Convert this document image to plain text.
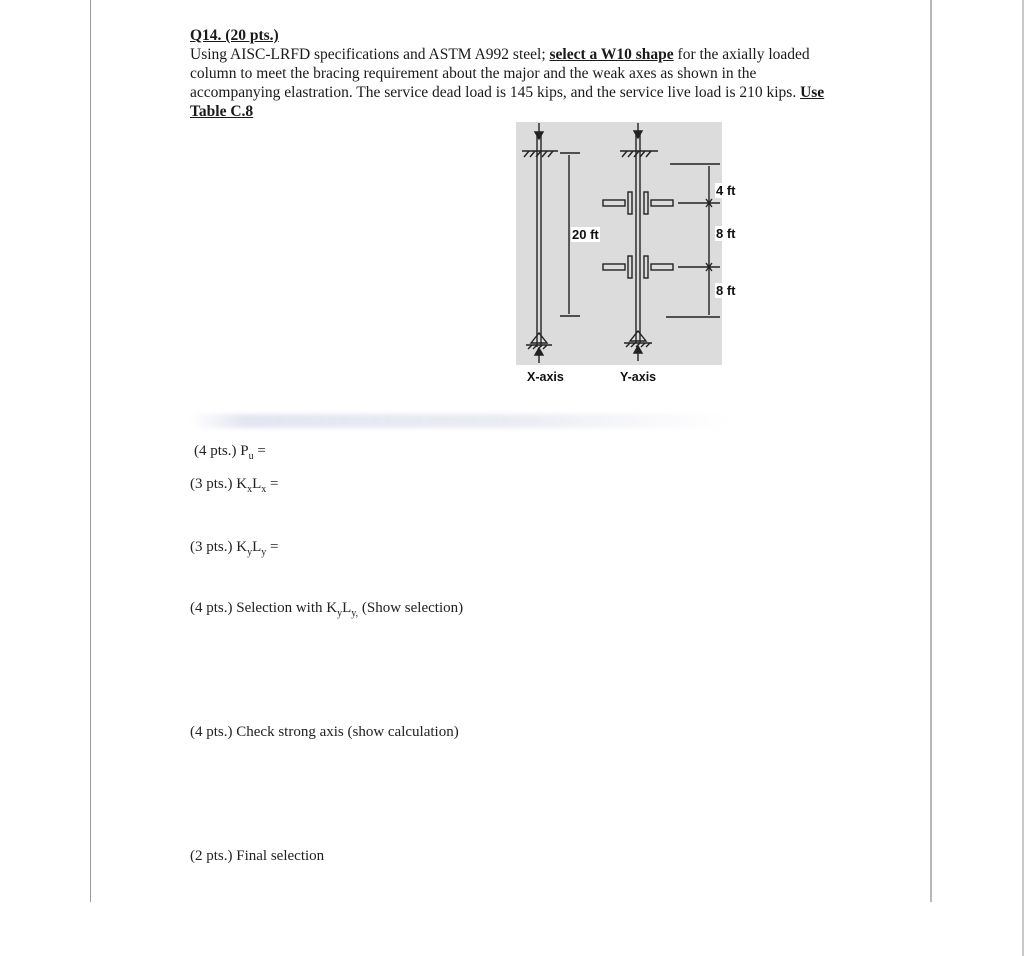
Q14. (20 pts.)
Using AISC-LRFD specifications and ASTM A992 steel; select a W10 shape for the axially loaded column to meet the bracing requirement about the major and the weak axes as shown in the accompanying elastration. The service dead load is 145 kips, and the service live load is 210 kips. Use Table C.8
20 ft
4 ft
8 ft
8 ft
X-axis	Y-axis
(4 pts.) $P_u$ =
(3 pts.) $K_xL_x$ =
(3 pts.) $K_yL_y$ =
(4 pts.) Selection with $K_yL_{y,}$ (Show selection)
(4 pts.) Check strong axis (show calculation)
(2 pts.) Final selection
